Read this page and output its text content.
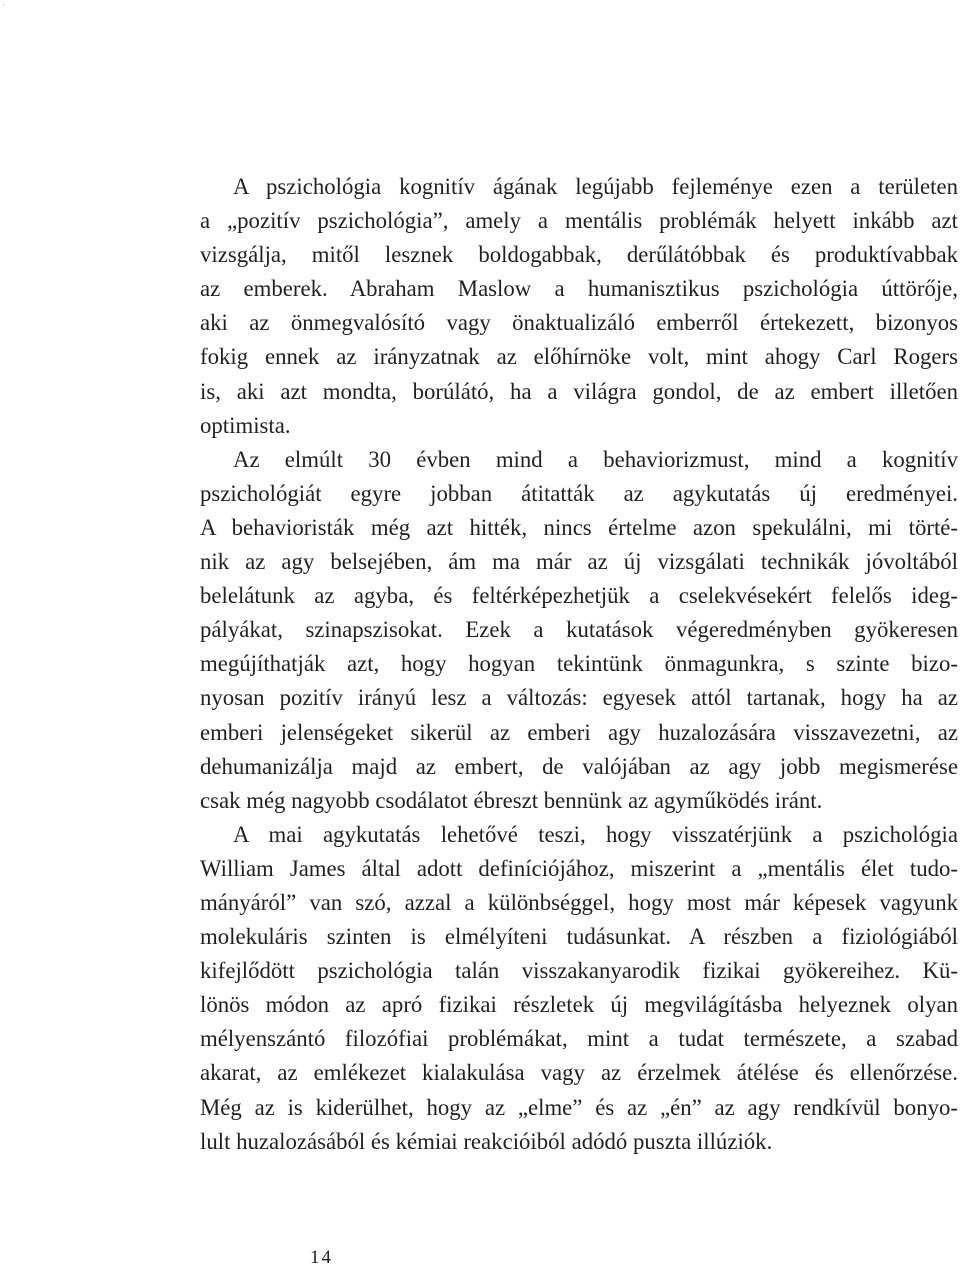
·
A pszichológia kognitív ágának legújabb fejleménye ezen a területen
a „pozitív pszichológia”, amely a mentális problémák helyett inkább azt
vizsgálja, mitől lesznek boldogabbak, derűlátóbbak és produktívabbak
az emberek. Abraham Maslow a humanisztikus pszichológia úttörője,
aki az önmegvalósító vagy önaktualizáló emberről értekezett, bizonyos
fokig ennek az irányzatnak az előhírnöke volt, mint ahogy Carl Rogers
is, aki azt mondta, borúlátó, ha a világra gondol, de az embert illetően
optimista.
Az elmúlt 30 évben mind a behaviorizmust, mind a kognitív
pszichológiát egyre jobban átitatták az agykutatás új eredményei.
A behavioristák még azt hitték, nincs értelme azon spekulálni, mi törté-
nik az agy belsejében, ám ma már az új vizsgálati technikák jóvoltából
belelátunk az agyba, és feltérképezhetjük a cselekvésekért felelős ideg-
pályákat, szinapszisokat. Ezek a kutatások végeredményben gyökeresen
megújíthatják azt, hogy hogyan tekintünk önmagunkra, s szinte bizo-
nyosan pozitív irányú lesz a változás: egyesek attól tartanak, hogy ha az
emberi jelenségeket sikerül az emberi agy huzalozására visszavezetni, az
dehumanizálja majd az embert, de valójában az agy jobb megismerése
csak még nagyobb csodálatot ébreszt bennünk az agyműködés iránt.
A mai agykutatás lehetővé teszi, hogy visszatérjünk a pszichológia
William James által adott definíciójához, miszerint a „mentális élet tudo-
mányáról” van szó, azzal a különbséggel, hogy most már képesek vagyunk
molekuláris szinten is elmélyíteni tudásunkat. A részben a fiziológiából
kifejlődött pszichológia talán visszakanyarodik fizikai gyökereihez. Kü-
lönös módon az apró fizikai részletek új megvilágításba helyeznek olyan
mélyenszántó filozófiai problémákat, mint a tudat természete, a szabad
akarat, az emlékezet kialakulása vagy az érzelmek átélése és ellenőrzése.
Még az is kiderülhet, hogy az „elme” és az „én” az agy rendkívül bonyo-
lult huzalozásából és kémiai reakcióiból adódó puszta illúziók.
14
